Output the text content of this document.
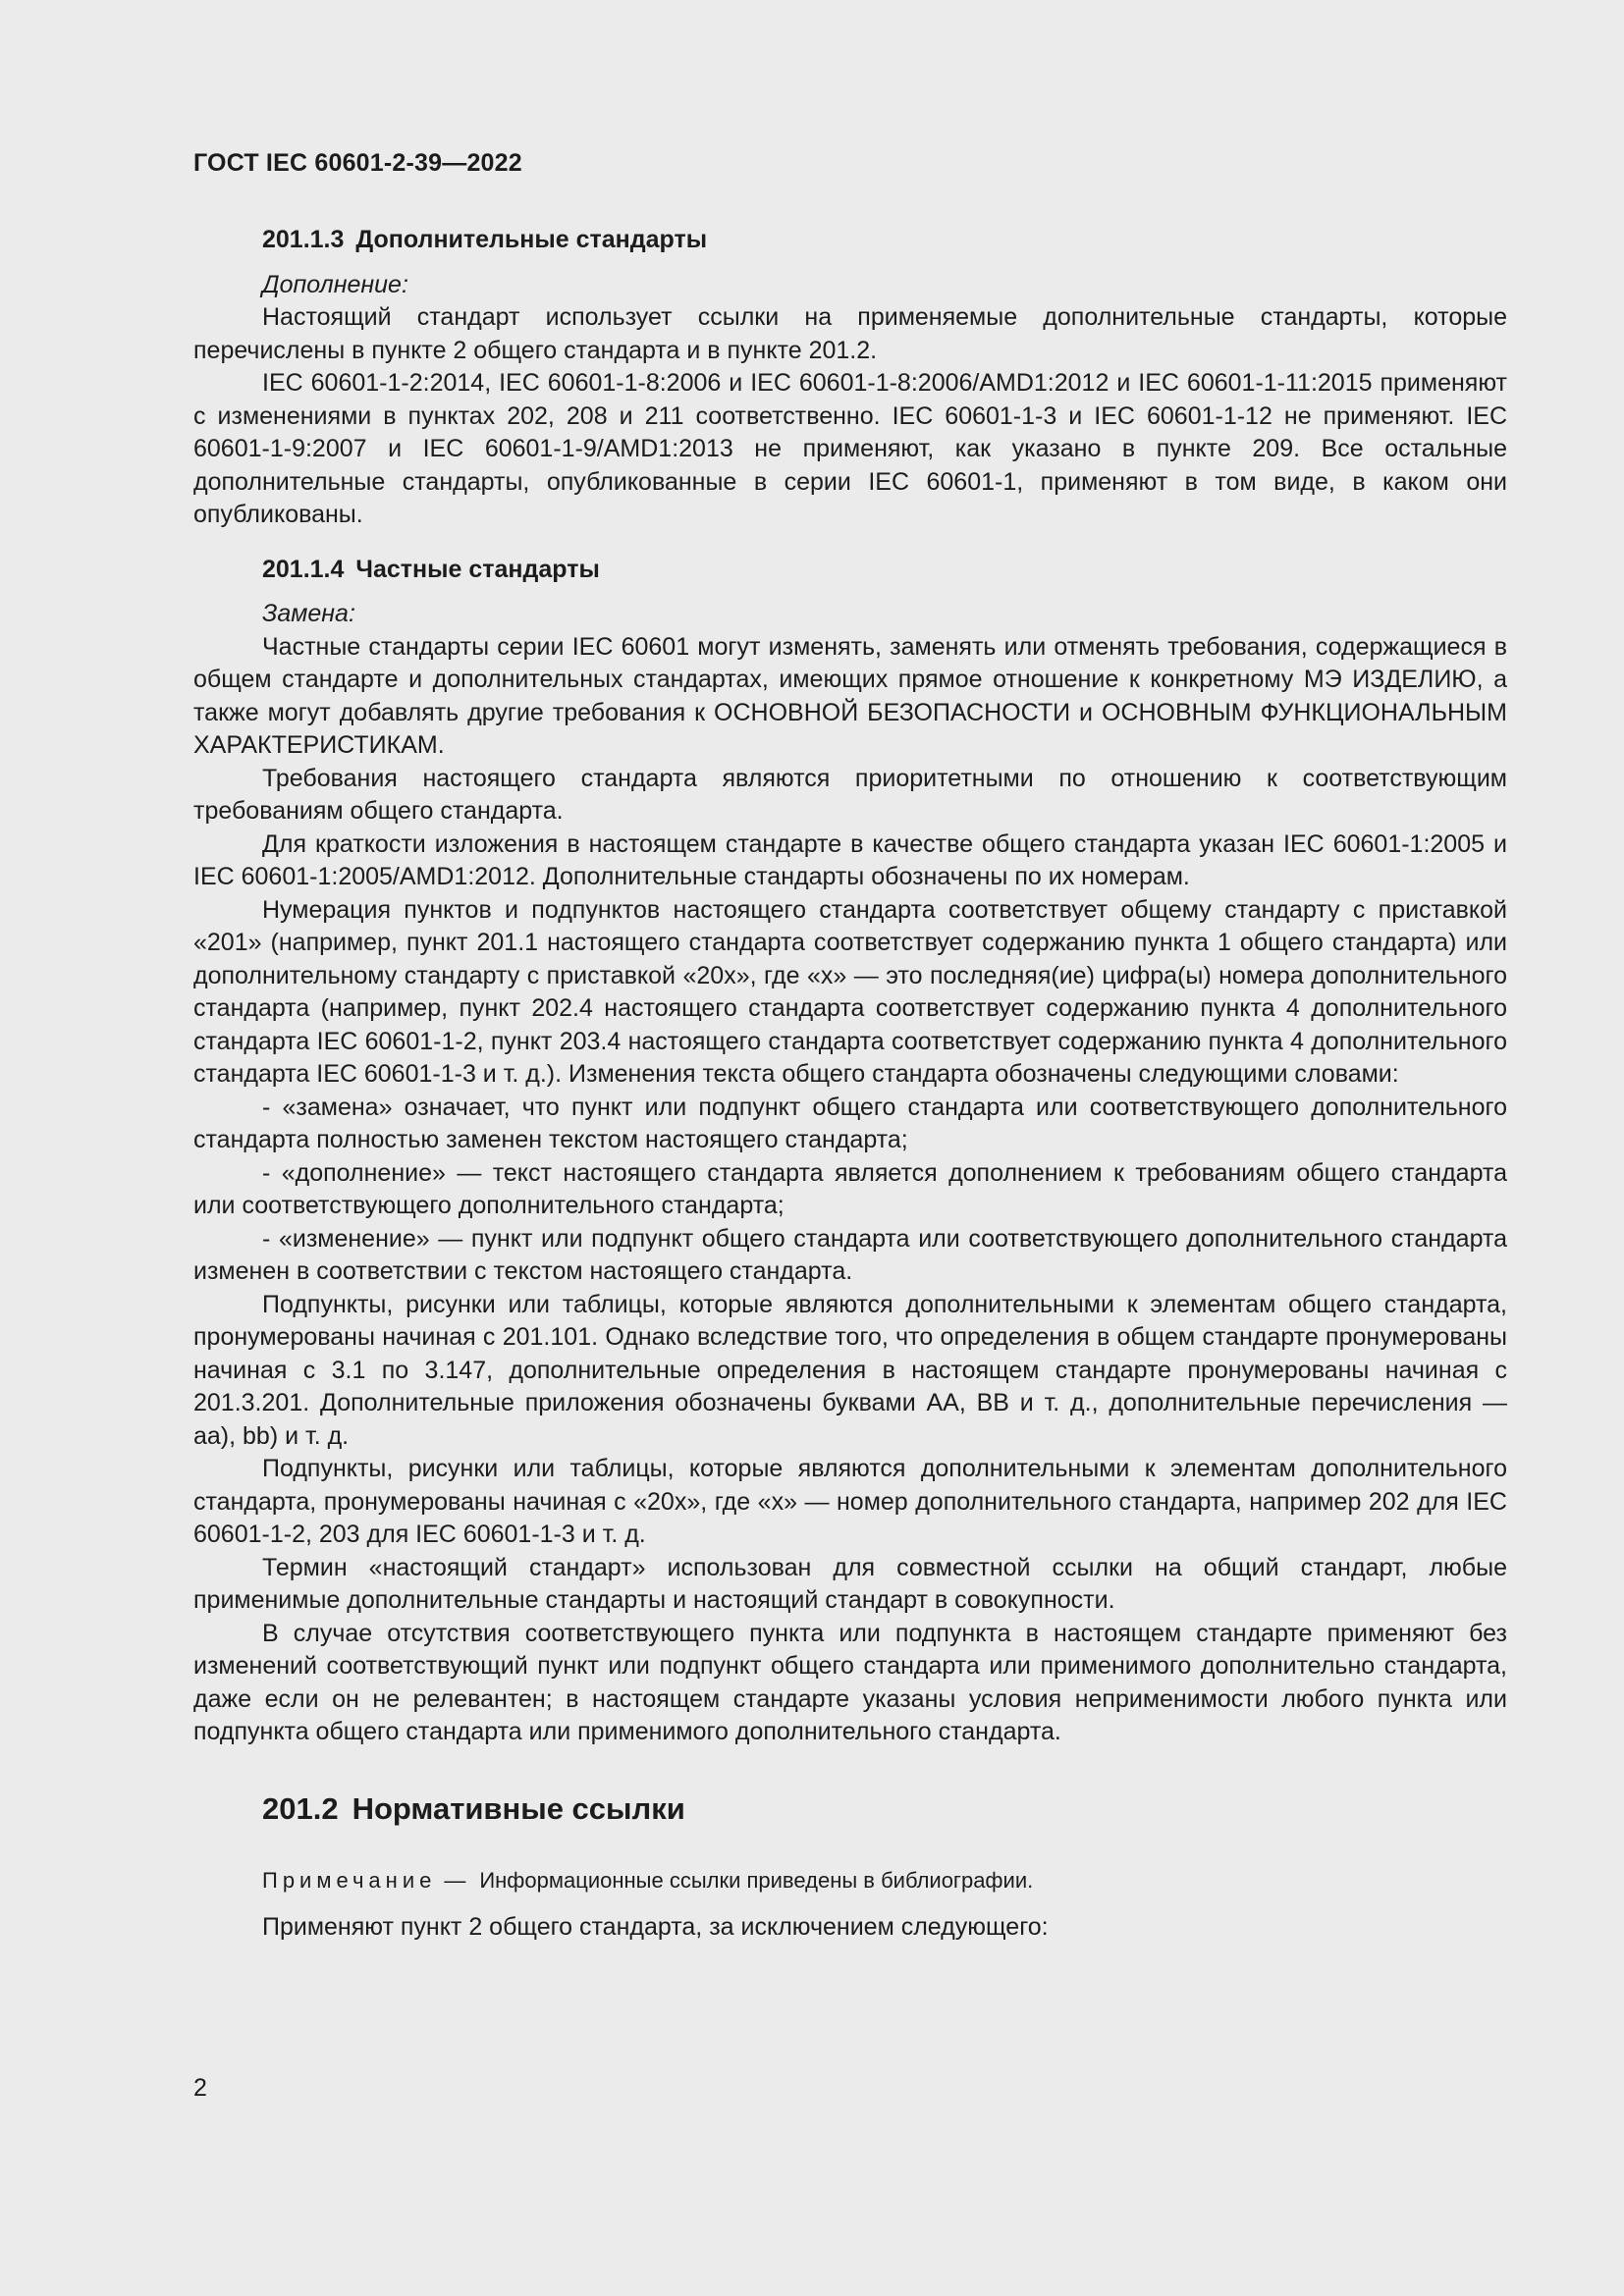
ГОСТ IEC 60601-2-39—2022
201.1.3 Дополнительные стандарты
Дополнение:

Настоящий стандарт использует ссылки на применяемые дополнительные стандарты, которые перечислены в пункте 2 общего стандарта и в пункте 201.2.

IEC 60601-1-2:2014, IEC 60601-1-8:2006 и IEC 60601-1-8:2006/AMD1:2012 и IEC 60601-1-11:2015 применяют с изменениями в пунктах 202, 208 и 211 соответственно. IEC 60601-1-3 и IEC 60601-1-12 не применяют. IEC 60601-1-9:2007 и IEC 60601-1-9/AMD1:2013 не применяют, как указано в пункте 209. Все остальные дополнительные стандарты, опубликованные в серии IEC 60601-1, применяют в том виде, в каком они опубликованы.

201.1.4 Частные стандарты
Замена:

Частные стандарты серии IEC 60601 могут изменять, заменять или отменять требования, содержащиеся в общем стандарте и дополнительных стандартах, имеющих прямое отношение к конкретному МЭ ИЗДЕЛИЮ, а также могут добавлять другие требования к ОСНОВНОЙ БЕЗОПАСНОСТИ и ОСНОВНЫМ ФУНКЦИОНАЛЬНЫМ ХАРАКТЕРИСТИКАМ.

Требования настоящего стандарта являются приоритетными по отношению к соответствующим требованиям общего стандарта.

Для краткости изложения в настоящем стандарте в качестве общего стандарта указан IEC 60601-1:2005 и IEC 60601-1:2005/AMD1:2012. Дополнительные стандарты обозначены по их номерам.

Нумерация пунктов и подпунктов настоящего стандарта соответствует общему стандарту с приставкой «201» (например, пункт 201.1 настоящего стандарта соответствует содержанию пункта 1 общего стандарта) или дополнительному стандарту с приставкой «20x», где «x» — это последняя(ие) цифра(ы) номера дополнительного стандарта (например, пункт 202.4 настоящего стандарта соответствует содержанию пункта 4 дополнительного стандарта IEC 60601-1-2, пункт 203.4 настоящего стандарта соответствует содержанию пункта 4 дополнительного стандарта IEC 60601-1-3 и т. д.). Изменения текста общего стандарта обозначены следующими словами:

- «замена» означает, что пункт или подпункт общего стандарта или соответствующего дополнительного стандарта полностью заменен текстом настоящего стандарта;

- «дополнение» — текст настоящего стандарта является дополнением к требованиям общего стандарта или соответствующего дополнительного стандарта;

- «изменение» — пункт или подпункт общего стандарта или соответствующего дополнительного стандарта изменен в соответствии с текстом настоящего стандарта.

Подпункты, рисунки или таблицы, которые являются дополнительными к элементам общего стандарта, пронумерованы начиная с 201.101. Однако вследствие того, что определения в общем стандарте пронумерованы начиная с 3.1 по 3.147, дополнительные определения в настоящем стандарте пронумерованы начиная с 201.3.201. Дополнительные приложения обозначены буквами АА, ВВ и т. д., дополнительные перечисления — aa), bb) и т. д.

Подпункты, рисунки или таблицы, которые являются дополнительными к элементам дополнительного стандарта, пронумерованы начиная с «20x», где «x» — номер дополнительного стандарта, например 202 для IEC 60601-1-2, 203 для IEC 60601-1-3 и т. д.

Термин «настоящий стандарт» использован для совместной ссылки на общий стандарт, любые применимые дополнительные стандарты и настоящий стандарт в совокупности.

В случае отсутствия соответствующего пункта или подпункта в настоящем стандарте применяют без изменений соответствующий пункт или подпункт общего стандарта или применимого дополнительно стандарта, даже если он не релевантен; в настоящем стандарте указаны условия неприменимости любого пункта или подпункта общего стандарта или применимого дополнительного стандарта.

201.2 Нормативные ссылки
Примечание — Информационные ссылки приведены в библиографии.
Применяют пункт 2 общего стандарта, за исключением следующего:
2
